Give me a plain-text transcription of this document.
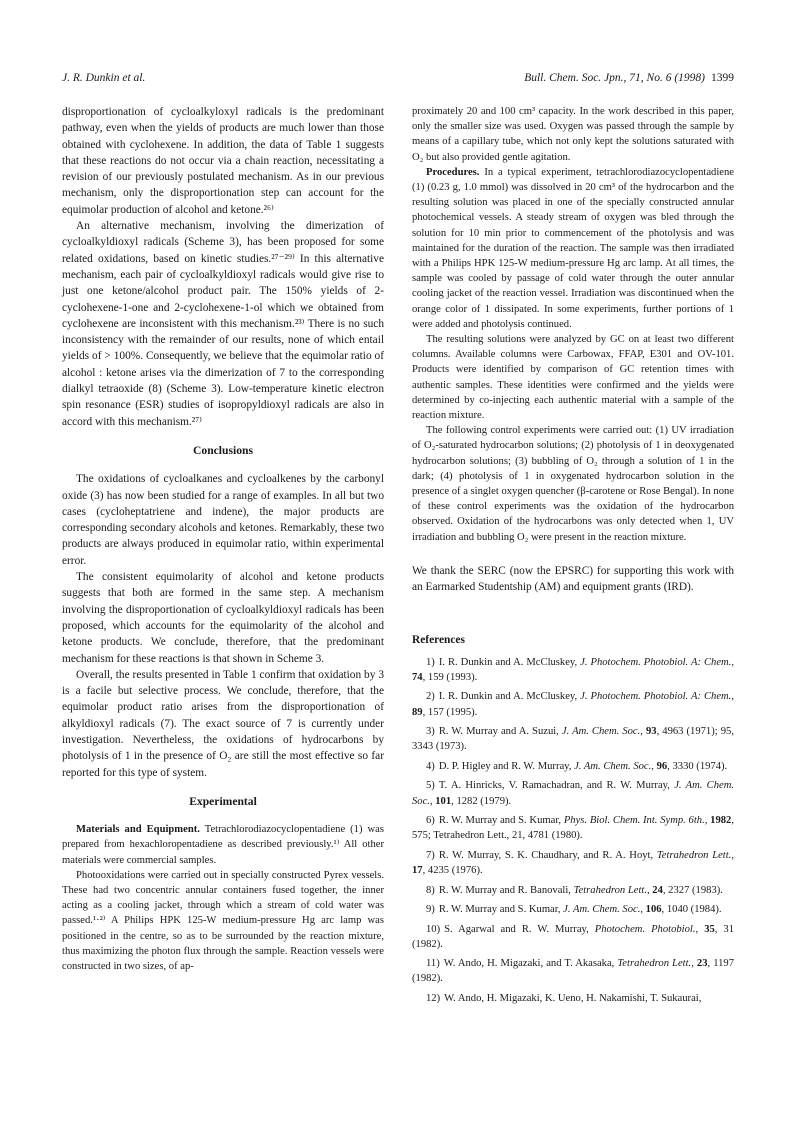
J. R. Dunkin et al.	Bull. Chem. Soc. Jpn., 71, No. 6 (1998) 1399

disproportionation of cycloalkyloxyl radicals is the predominant pathway, even when the yields of products are much lower than those obtained with cyclohexene. In addition, the data of Table 1 suggests that these reactions do not occur via a chain reaction, necessitating a revision of our previously postulated mechanism. As in our previous mechanism, only the disproportionation step can account for the equimolar production of alcohol and ketone.²⁶⁾

An alternative mechanism, involving the dimerization of cycloalkyldioxyl radicals (Scheme 3), has been proposed for some related oxidations, based on kinetic studies.²⁷⁻²⁹⁾ In this alternative mechanism, each pair of cycloalkyldioxyl radicals would give rise to just one ketone/alcohol product pair. The 150% yields of 2-cyclohexene-1-one and 2-cyclohexene-1-ol which we obtained from cyclohexene are inconsistent with this mechanism.²³⁾ There is no such inconsistency with the remainder of our results, none of which entail yields of > 100%. Consequently, we believe that the equimolar ratio of alcohol : ketone arises via the dimerization of 7 to the corresponding dialkyl tetraoxide (8) (Scheme 3). Low-temperature kinetic electron spin resonance (ESR) studies of isopropyldioxyl radicals are also in accord with this mechanism.²⁷⁾

Conclusions

The oxidations of cycloalkanes and cycloalkenes by the carbonyl oxide (3) has now been studied for a range of examples. In all but two cases (cycloheptatriene and indene), the major products are corresponding secondary alcohols and ketones. Remarkably, these two products are always produced in equimolar ratio, within experimental error.

The consistent equimolarity of alcohol and ketone products suggests that both are formed in the same step. A mechanism involving the disproportionation of cycloalkyldioxyl radicals has been proposed, which accounts for the equimolarity of the alcohol and ketone products. We conclude, therefore, that the predominant mechanism for these reactions is that shown in Scheme 3.

Overall, the results presented in Table 1 confirm that oxidation by 3 is a facile but selective process. We conclude, therefore, that the equimolar product ratio arises from the disproportionation of alkyldioxyl radicals (7). The exact source of 7 is currently under investigation. Nevertheless, the oxidations of hydrocarbons by photolysis of 1 in the presence of O₂ are still the most effective so far reported for this type of system.

Experimental

Materials and Equipment. Tetrachlorodiazocyclopentadiene (1) was prepared from hexachloropentadiene as described previously.¹⁾ All other materials were commercial samples.

Photooxidations were carried out in specially constructed Pyrex vessels. These had two concentric annular containers fused together, the inner acting as a cooling jacket, through which a stream of cold water was passed.¹·²⁾ A Philips HPK 125-W medium-pressure Hg arc lamp was positioned in the centre, so as to be surrounded by the reaction mixture, thus maximizing the photon flux through the sample. Reaction vessels were constructed in two sizes, of ap-

proximately 20 and 100 cm³ capacity. In the work described in this paper, only the smaller size was used. Oxygen was passed through the sample by means of a capillary tube, which not only kept the solutions saturated with O₂ but also provided gentle agitation.

Procedures. In a typical experiment, tetrachlorodiazocyclopentadiene (1) (0.23 g, 1.0 mmol) was dissolved in 20 cm³ of the hydrocarbon and the resulting solution was placed in one of the specially constructed annular photochemical vessels. A steady stream of oxygen was bled through the solution for 10 min prior to commencement of the photolysis and was maintained for the duration of the reaction. The sample was then irradiated with a Philips HPK 125-W medium-pressure Hg arc lamp. At all times, the sample was cooled by passage of cold water through the outer annular cooling jacket of the reaction vessel. Irradiation was discontinued when the orange color of 1 dissipated. In some experiments, further portions of 1 were added and photolysis continued.

The resulting solutions were analyzed by GC on at least two different columns. Available columns were Carbowax, FFAP, E301 and OV-101. Products were identified by comparison of GC retention times with authentic samples. These identities were confirmed and the yields were determined by co-injecting each authentic material with a sample of the reaction mixture.

The following control experiments were carried out: (1) UV irradiation of O₂-saturated hydrocarbon solutions; (2) photolysis of 1 in deoxygenated hydrocarbon solutions; (3) bubbling of O₂ through a solution of 1 in the dark; (4) photolysis of 1 in oxygenated hydrocarbon solution in the presence of a singlet oxygen quencher (β-carotene or Rose Bengal). In none of these control experiments was the oxidation of the hydrocarbon observed. Oxidation of the hydrocarbons was only detected when 1, UV irradiation and bubbling O₂ were present in the reaction mixture.

We thank the SERC (now the EPSRC) for supporting this work with an Earmarked Studentship (AM) and equipment grants (IRD).

References
1) I. R. Dunkin and A. McCluskey, J. Photochem. Photobiol. A: Chem., 74, 159 (1993).
2) I. R. Dunkin and A. McCluskey, J. Photochem. Photobiol. A: Chem., 89, 157 (1995).
3) R. W. Murray and A. Suzui, J. Am. Chem. Soc., 93, 4963 (1971); 95, 3343 (1973).
4) D. P. Higley and R. W. Murray, J. Am. Chem. Soc., 96, 3330 (1974).
5) T. A. Hinricks, V. Ramachadran, and R. W. Murray, J. Am. Chem. Soc., 101, 1282 (1979).
6) R. W. Murray and S. Kumar, Phys. Biol. Chem. Int. Symp. 6th., 1982, 575; Tetrahedron Lett., 21, 4781 (1980).
7) R. W. Murray, S. K. Chaudhary, and R. A. Hoyt, Tetrahedron Lett., 17, 4235 (1976).
8) R. W. Murray and R. Banovali, Tetrahedron Lett., 24, 2327 (1983).
9) R. W. Murray and S. Kumar, J. Am. Chem. Soc., 106, 1040 (1984).
10) S. Agarwal and R. W. Murray, Photochem. Photobiol., 35, 31 (1982).
11) W. Ando, H. Migazaki, and T. Akasaka, Tetrahedron Lett., 23, 1197 (1982).
12) W. Ando, H. Migazaki, K. Ueno, H. Nakamishi, T. Sukaurai,
